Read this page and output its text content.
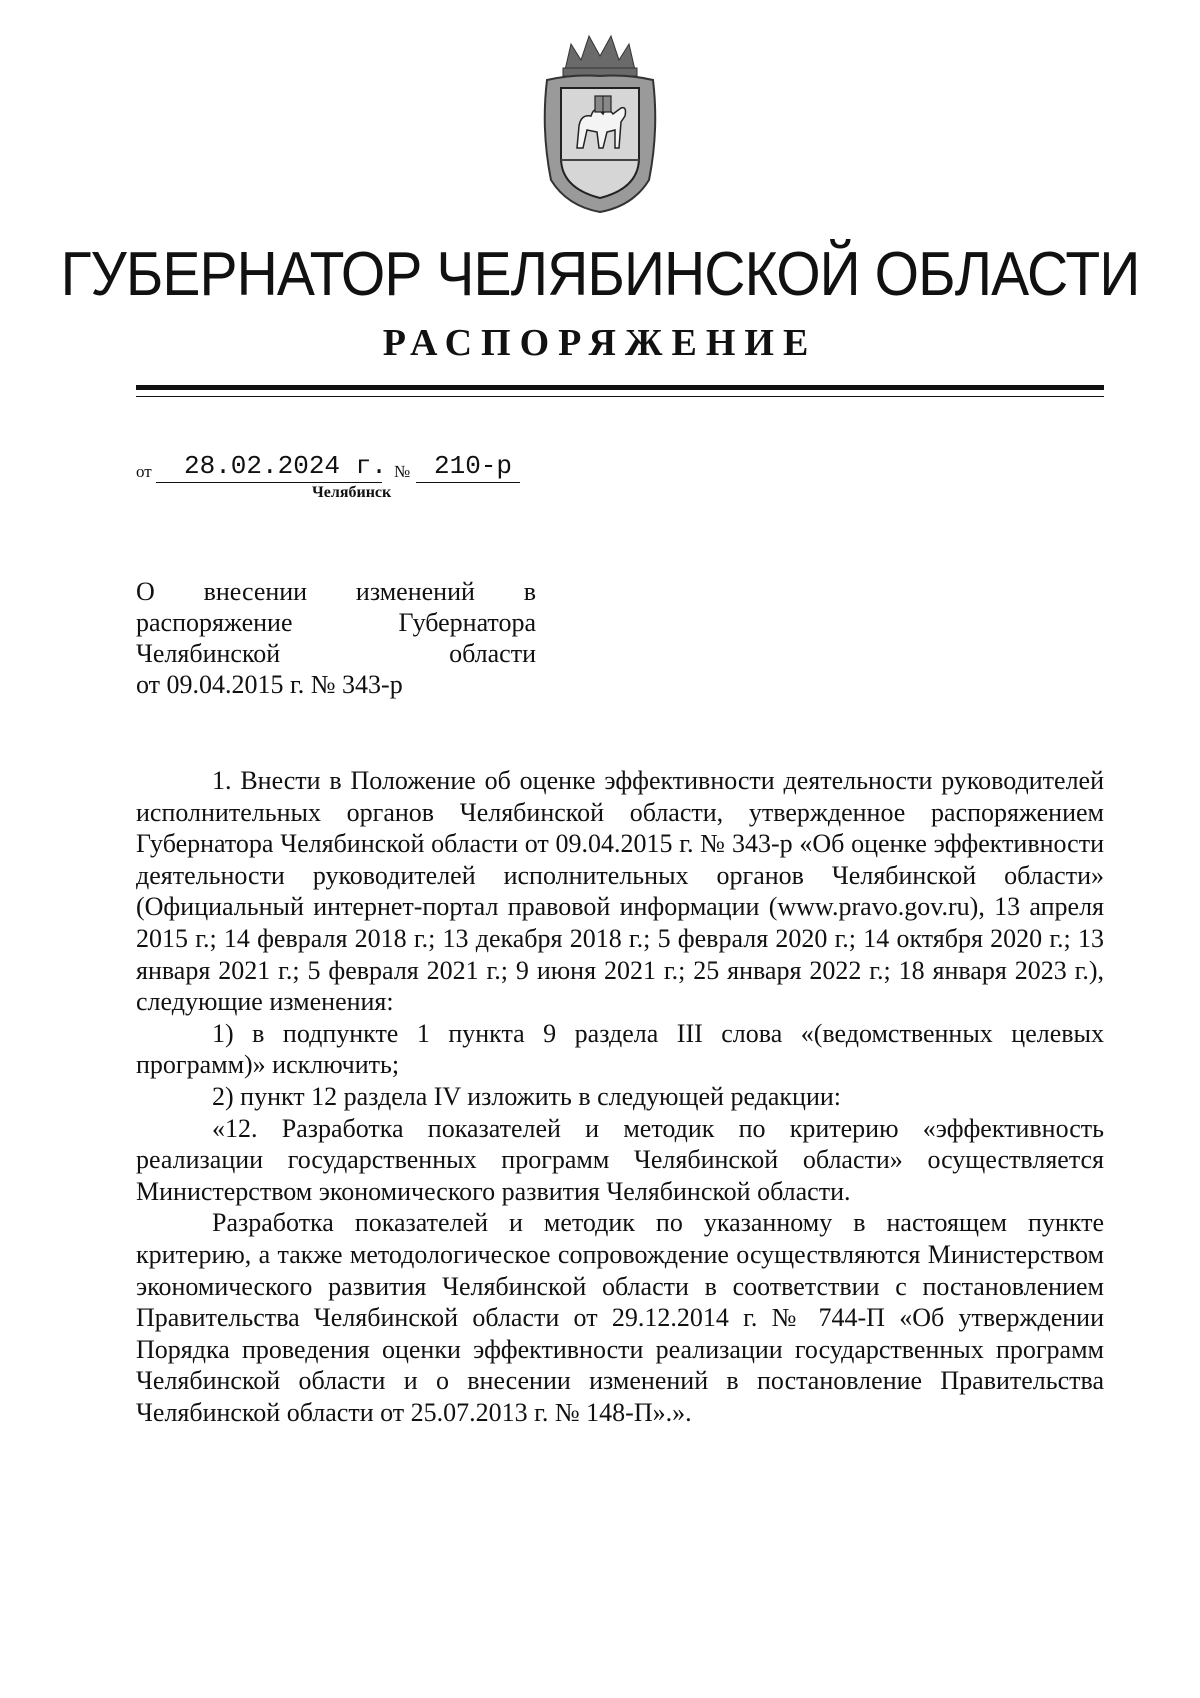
ГУБЕРНАТОР ЧЕЛЯБИНСКОЙ ОБЛАСТИ
РАСПОРЯЖЕНИЕ
от 28.02.2024 г. № 210-р
Челябинск
О внесении изменений в
распоряжение Губернатора
Челябинской области
от 09.04.2015 г. № 343-р

1. Внести в Положение об оценке эффективности деятельности руководителей исполнительных органов Челябинской области, утвержденное распоряжением Губернатора Челябинской области от 09.04.2015 г. № 343-р «Об оценке эффективности деятельности руководителей исполнительных органов Челябинской области» (Официальный интернет-портал правовой информации (www.pravo.gov.ru), 13 апреля 2015 г.; 14 февраля 2018 г.; 13 декабря 2018 г.; 5 февраля 2020 г.; 14 октября 2020 г.; 13 января 2021 г.; 5 февраля 2021 г.; 9 июня 2021 г.; 25 января 2022 г.; 18 января 2023 г.), следующие изменения:

1) в подпункте 1 пункта 9 раздела III слова «(ведомственных целевых программ)» исключить;

2) пункт 12 раздела IV изложить в следующей редакции:

«12. Разработка показателей и методик по критерию «эффективность реализации государственных программ Челябинской области» осуществляется Министерством экономического развития Челябинской области.

Разработка показателей и методик по указанному в настоящем пункте критерию, а также методологическое сопровождение осуществляются Министерством экономического развития Челябинской области в соответствии с постановлением Правительства Челябинской области от 29.12.2014 г. № 744-П «Об утверждении Порядка проведения оценки эффективности реализации государственных программ Челябинской области и о внесении изменений в постановление Правительства Челябинской области от 25.07.2013 г. № 148-П».».
